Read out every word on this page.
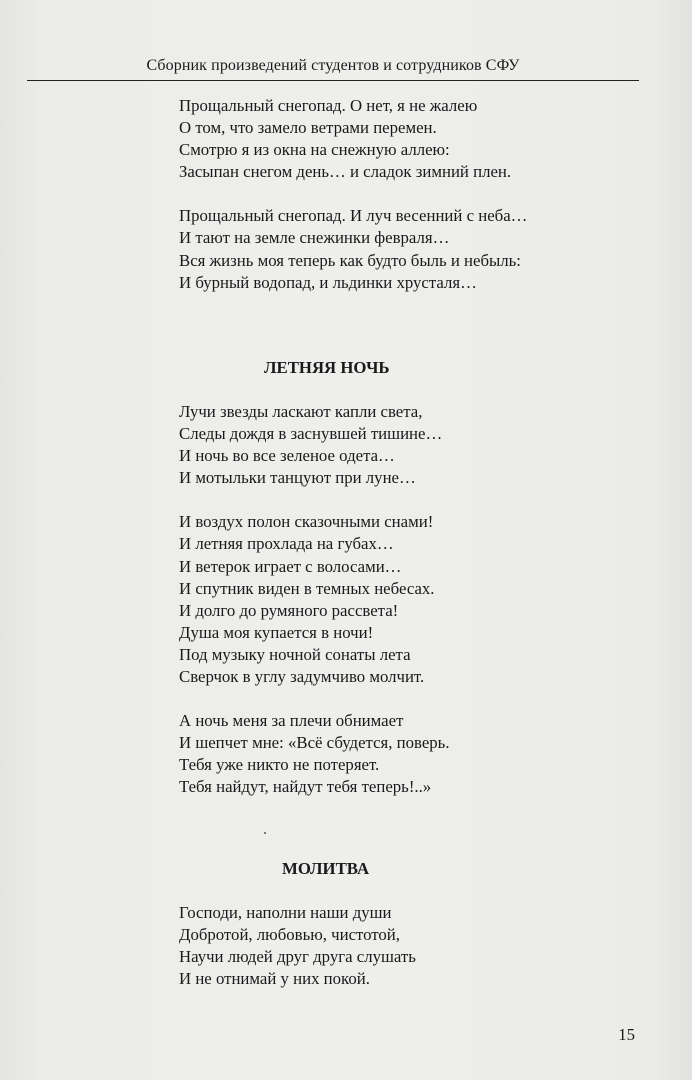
Сборник произведений студентов и сотрудников СФУ
Прощальный снегопад. О нет, я не жалею
О том, что замело ветрами перемен.
Смотрю я из окна на снежную аллею:
Засыпан снегом день… и сладок зимний плен.
Прощальный снегопад. И луч весенний с неба…
И тают на земле снежинки февраля…
Вся жизнь моя теперь как будто быль и небыль:
И бурный водопад, и льдинки хрусталя…
ЛЕТНЯЯ НОЧЬ
Лучи звезды ласкают капли света,
Следы дождя в заснувшей тишине…
И ночь во все зеленое одета…
И мотыльки танцуют при луне…
И воздух полон сказочными снами!
И летняя прохлада на губах…
И ветерок играет с волосами…
И спутник виден в темных небесах.
И долго до румяного рассвета!
Душа моя купается в ночи!
Под музыку ночной сонаты лета
Сверчок в углу задумчиво молчит.
А ночь меня за плечи обнимает
И шепчет мне: «Всё сбудется, поверь.
Тебя уже никто не потеряет.
Тебя найдут, найдут тебя теперь!..»
МОЛИТВА
Господи, наполни наши души
Добротой, любовью, чистотой,
Научи людей друг друга слушать
И не отнимай у них покой.
15
